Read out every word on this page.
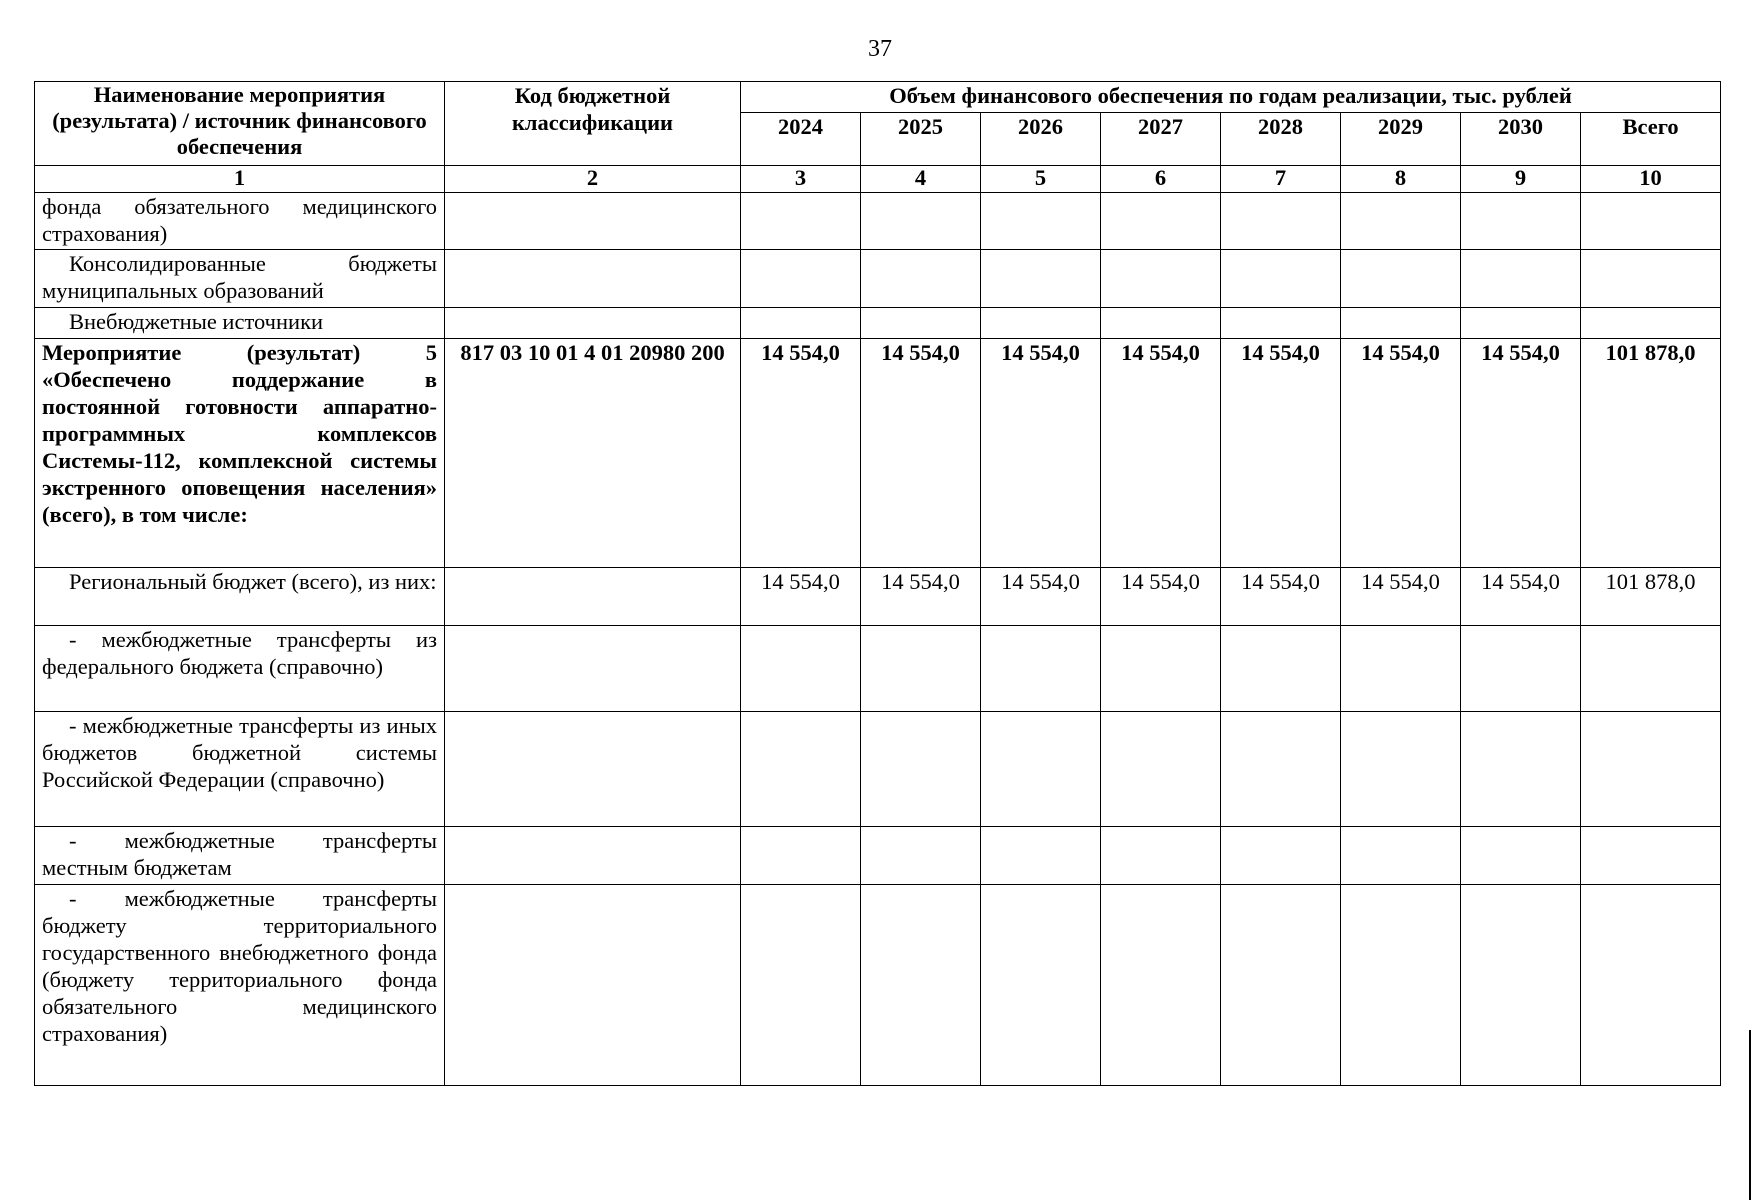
37
Наименование мероприятия (результата) / источник финансового обеспечения	Код бюджетной классификации	Объем финансового обеспечения по годам реализации, тыс. рублей							
		2024	2025	2026	2027	2028	2029	2030	Всего
1	2	3	4	5	6	7	8	9	10
фонда обязательного медицинского страхования)									
Консолидированные бюджеты муниципальных образований									
Внебюджетные источники									
Мероприятие (результат) 5 «Обеспечено поддержание в постоянной готовности аппаратно-программных комплексов Системы-112, комплексной системы экстренного оповещения населения» (всего), в том числе:	817 03 10 01 4 01 20980 200	14 554,0	14 554,0	14 554,0	14 554,0	14 554,0	14 554,0	14 554,0	101 878,0
Региональный бюджет (всего), из них:		14 554,0	14 554,0	14 554,0	14 554,0	14 554,0	14 554,0	14 554,0	101 878,0
- межбюджетные трансферты из федерального бюджета (справочно)									
- межбюджетные трансферты из иных бюджетов бюджетной системы Российской Федерации (справочно)									
- межбюджетные трансферты местным бюджетам									
- межбюджетные трансферты бюджету территориального государственного внебюджетного фонда (бюджету территориального фонда обязательного медицинского страхования)									
